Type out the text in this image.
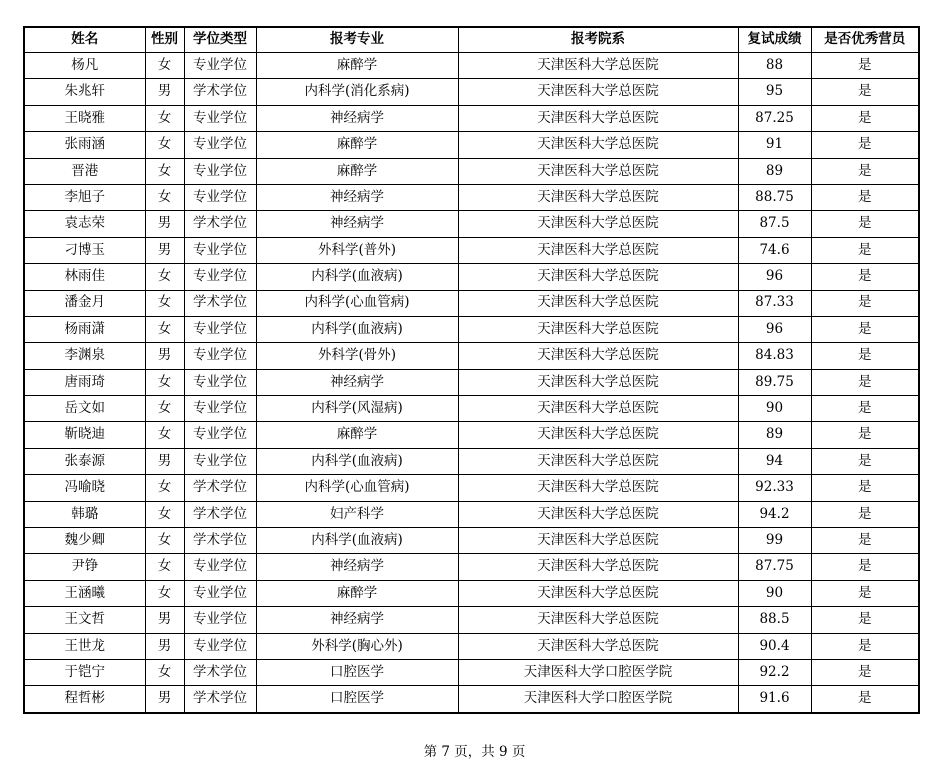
姓名	性别	学位类型	报考专业	报考院系	复试成绩	是否优秀营员
杨凡	女	专业学位	麻醉学	天津医科大学总医院	88	是
朱兆轩	男	学术学位	内科学(消化系病)	天津医科大学总医院	95	是
王晓雅	女	专业学位	神经病学	天津医科大学总医院	87.25	是
张雨涵	女	专业学位	麻醉学	天津医科大学总医院	91	是
晋港	女	专业学位	麻醉学	天津医科大学总医院	89	是
李旭子	女	专业学位	神经病学	天津医科大学总医院	88.75	是
袁志荣	男	学术学位	神经病学	天津医科大学总医院	87.5	是
刁博玉	男	专业学位	外科学(普外)	天津医科大学总医院	74.6	是
林雨佳	女	专业学位	内科学(血液病)	天津医科大学总医院	96	是
潘金月	女	学术学位	内科学(心血管病)	天津医科大学总医院	87.33	是
杨雨潇	女	专业学位	内科学(血液病)	天津医科大学总医院	96	是
李渊泉	男	专业学位	外科学(骨外)	天津医科大学总医院	84.83	是
唐雨琦	女	专业学位	神经病学	天津医科大学总医院	89.75	是
岳文如	女	专业学位	内科学(风湿病)	天津医科大学总医院	90	是
靳晓迪	女	专业学位	麻醉学	天津医科大学总医院	89	是
张泰源	男	专业学位	内科学(血液病)	天津医科大学总医院	94	是
冯喻晓	女	学术学位	内科学(心血管病)	天津医科大学总医院	92.33	是
韩璐	女	学术学位	妇产科学	天津医科大学总医院	94.2	是
魏少卿	女	学术学位	内科学(血液病)	天津医科大学总医院	99	是
尹铮	女	专业学位	神经病学	天津医科大学总医院	87.75	是
王涵曦	女	专业学位	麻醉学	天津医科大学总医院	90	是
王文哲	男	专业学位	神经病学	天津医科大学总医院	88.5	是
王世龙	男	专业学位	外科学(胸心外)	天津医科大学总医院	90.4	是
于铠宁	女	学术学位	口腔医学	天津医科大学口腔医学院	92.2	是
程哲彬	男	学术学位	口腔医学	天津医科大学口腔医学院	91.6	是
第 7 页，共 9 页
